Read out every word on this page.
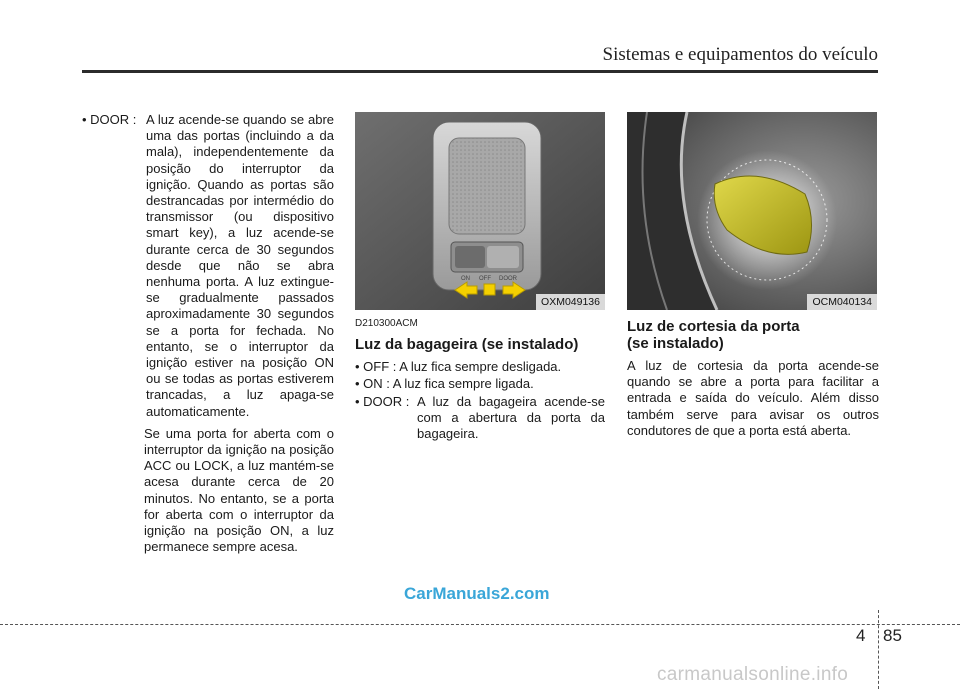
Sistemas e equipamentos do veículo
• DOOR : A luz acende-se quando se abre uma das portas (incluindo a da mala), independentemente da posição do interruptor da ignição. Quando as portas são destrancadas por intermédio do transmissor (ou dispositivo smart key), a luz acende-se durante cerca de 30 segundos desde que não se abra nenhuma porta. A luz extingue-se gradualmente passados aproximadamente 30 segundos se a porta for fechada. No entanto, se o interruptor da ignição estiver na posição ON ou se todas as portas estiverem trancadas, a luz apaga-se automaticamente.
Se uma porta for aberta com o interruptor da ignição na posição ACC ou LOCK, a luz mantém-se acesa durante cerca de 20 minutos. No entanto, se a porta for aberta com o interruptor da ignição na posição ON, a luz permanece sempre acesa.
ON OFF DOOR
OXM049136
D210300ACM
Luz da bagageira (se instalado)
• OFF : A luz fica sempre desligada.
• ON : A luz fica sempre ligada.
• DOOR : A luz da bagageira acende-se com a abertura da porta da bagageira.
OCM040134
Luz de cortesia da porta
(se instalado)
A luz de cortesia da porta acende-se quando se abre a porta para facilitar a entrada e saída do veículo. Além disso também serve para avisar os outros condutores de que a porta está aberta.
CarManuals2.com
4 85
carmanualsonline.info
